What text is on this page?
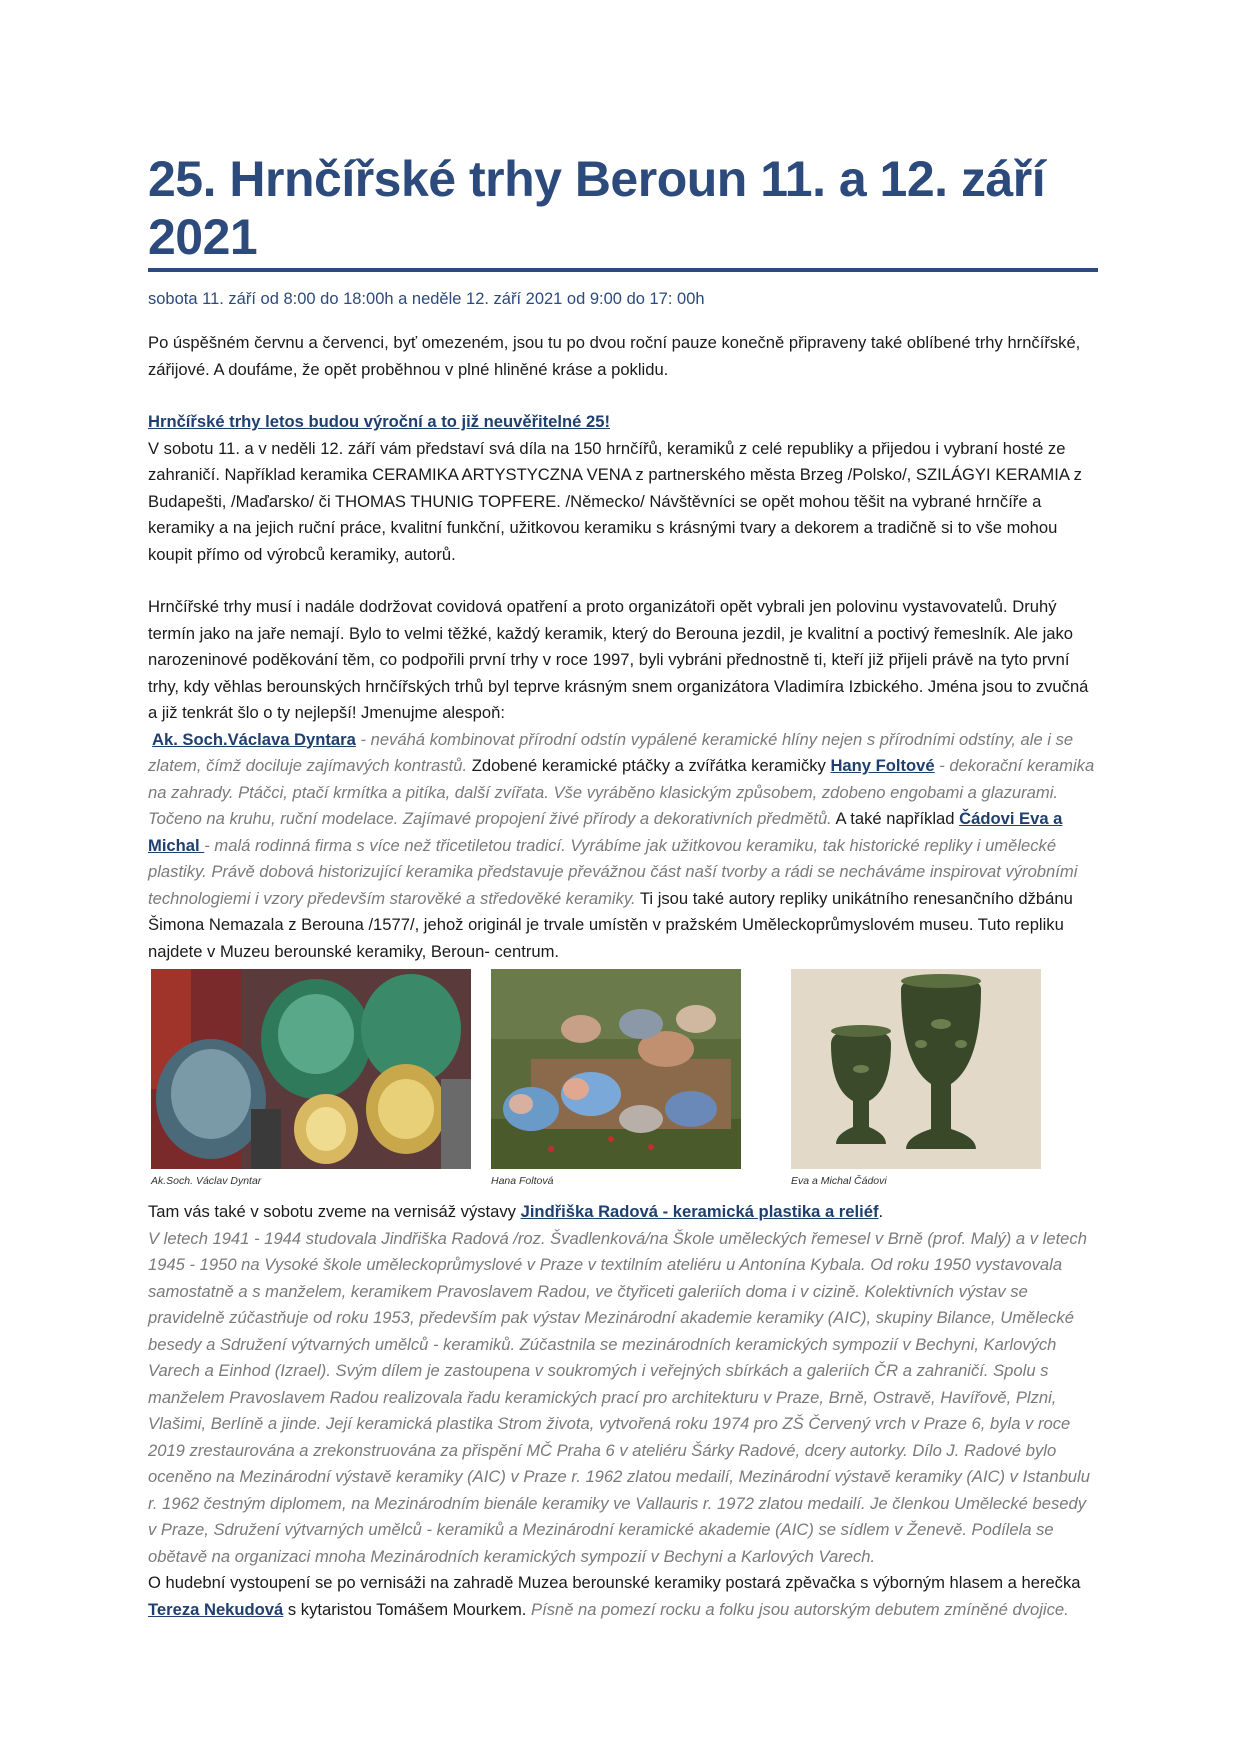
25. Hrnčířské trhy Beroun 11. a 12. září 2021
sobota 11. září od 8:00 do 18:00h a neděle 12. září 2021 od 9:00 do 17: 00h

Po úspěšném červnu a červenci, byť omezeném, jsou tu po dvou roční pauze konečně připraveny také oblíbené trhy hrnčířské, zářijové. A doufáme, že opět proběhnou v plné hliněné kráse a poklidu.

Hrnčířské trhy letos budou výroční a to již neuvěřitelné 25!

V sobotu 11. a v neděli 12. září vám představí svá díla na 150 hrnčířů, keramiků z celé republiky a přijedou i vybraní hosté ze zahraničí. Například keramika CERAMIKA ARTYSTYCZNA VENA z partnerského města Brzeg /Polsko/, SZILÁGYI KERAMIA z Budapešti, /Maďarsko/ či THOMAS THUNIG TOPFERE. /Německo/ Návštěvníci se opět mohou těšit na vybrané hrnčíře a keramiky a na jejich ruční práce, kvalitní funkční, užitkovou keramiku s krásnými tvary a dekorem a tradičně si to vše mohou koupit přímo od výrobců keramiky, autorů.

Hrnčířské trhy musí i nadále dodržovat covidová opatření a proto organizátoři opět vybrali jen polovinu vystavovatelů. Druhý termín jako na jaře nemají. Bylo to velmi těžké, každý keramik, který do Berouna jezdil, je kvalitní a poctivý řemeslník. Ale jako narozeninové poděkování těm, co podpořili první trhy v roce 1997, byli vybráni přednostně ti, kteří již přijeli právě na tyto první trhy, kdy věhlas berounských hrnčířských trhů byl teprve krásným snem organizátora Vladimíra Izbického. Jména jsou to zvučná a již tenkrát šlo o ty nejlepší! Jmenujme alespoň:
Ak. Soch.Václava Dyntara - neváhá kombinovat přírodní odstín vypálené keramické hlíny nejen s přírodními odstíny, ale i se zlatem, čímž dociluje zajímavých kontrastů. Zdobené keramické ptáčky a zvířátka keramičky Hany Foltové - dekorační keramika na zahrady. Ptáčci, ptačí krmítka a pitíka, další zvířata. Vše vyráběno klasickým způsobem, zdobeno engobami a glazurami. Točeno na kruhu, ruční modelace. Zajímavé propojení živé přírody a dekorativních předmětů. A také například Čádovi Eva a Michal - malá rodinná firma s více než třicetiletou tradicí. Vyrábíme jak užitkovou keramiku, tak historické repliky i umělecké plastiky. Právě dobová historizující keramika představuje převážnou část naší tvorby a rádi se necháváme inspirovat výrobními technologiemi i vzory především starověké a středověké keramiky. Ti jsou také autory repliky unikátního renesančního džbánu Šimona Nemazala z Berouna /1577/, jehož originál je trvale umístěn v pražském Uměleckoprůmyslovém museu. Tuto repliku najdete v Muzeu berounské keramiky, Beroun- centrum.

Ak.Soch. Václav Dyntar	Hana Foltová	Eva a Michal Čádovi

Tam vás také v sobotu zveme na vernisáž výstavy Jindřiška Radová - keramická plastika a reliéf.
V letech 1941 - 1944 studovala Jindřiška Radová /roz. Švadlenková/na Škole uměleckých řemesel v Brně (prof. Malý) a v letech 1945 - 1950 na Vysoké škole uměleckoprůmyslové v Praze v textilním ateliéru u Antonína Kybala. Od roku 1950 vystavovala samostatně a s manželem, keramikem Pravoslavem Radou, ve čtyřiceti galeriích doma i v cizině. Kolektivních výstav se pravidelně zúčastňuje od roku 1953, především pak výstav Mezinárodní akademie keramiky (AIC), skupiny Bilance, Umělecké besedy a Sdružení výtvarných umělců - keramiků. Zúčastnila se mezinárodních keramických sympozií v Bechyni, Karlových Varech a Einhod (Izrael). Svým dílem je zastoupena v soukromých i veřejných sbírkách a galeriích ČR a zahraničí. Spolu s manželem Pravoslavem Radou realizovala řadu keramických prací pro architekturu v Praze, Brně, Ostravě, Havířově, Plzni, Vlašimi, Berlíně a jinde. Její keramická plastika Strom života, vytvořená roku 1974 pro ZŠ Červený vrch v Praze 6, byla v roce 2019 zrestaurována a zrekonstruována za přispění MČ Praha 6 v ateliéru Šárky Radové, dcery autorky. Dílo J. Radové bylo oceněno na Mezinárodní výstavě keramiky (AIC) v Praze r. 1962 zlatou medailí, Mezinárodní výstavě keramiky (AIC) v Istanbulu r. 1962 čestným diplomem, na Mezinárodním bienále keramiky ve Vallauris r. 1972 zlatou medailí. Je členkou Umělecké besedy v Praze, Sdružení výtvarných umělců - keramiků a Mezinárodní keramické akademie (AIC) se sídlem v Ženevě. Podílela se obětavě na organizaci mnoha Mezinárodních keramických sympozií v Bechyni a Karlových Varech.
O hudební vystoupení se po vernisáži na zahradě Muzea berounské keramiky postará zpěvačka s výborným hlasem a herečka Tereza Nekudová s kytaristou Tomášem Mourkem. Písně na pomezí rocku a folku jsou autorským debutem zmíněné dvojice.
